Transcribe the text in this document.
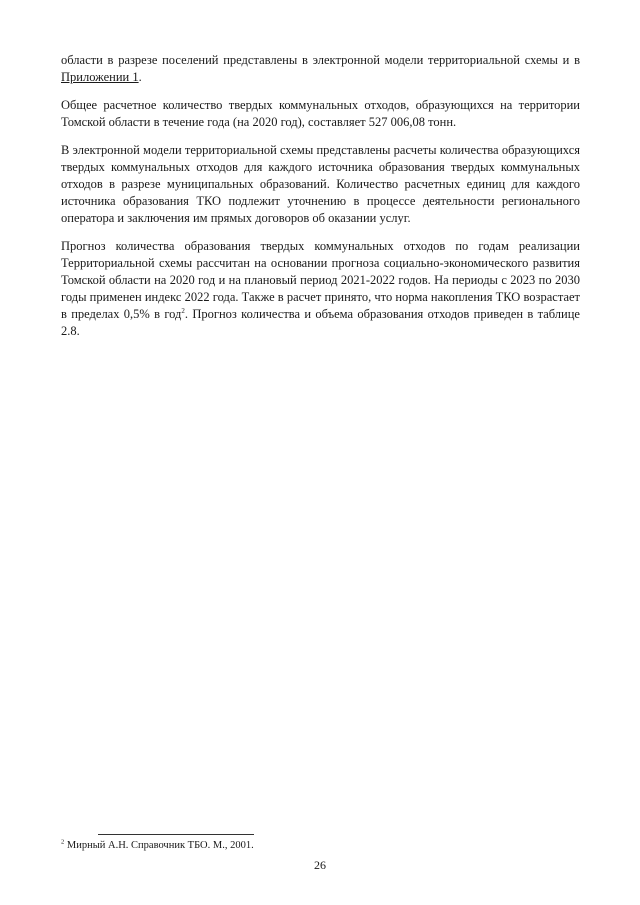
области в разрезе поселений представлены в электронной модели территориальной схемы и в Приложении 1.

Общее расчетное количество твердых коммунальных отходов, образующихся на территории Томской области в течение года (на 2020 год), составляет 527 006,08 тонн.

В электронной модели территориальной схемы представлены расчеты количества образующихся твердых коммунальных отходов для каждого источника образования твердых коммунальных отходов в разрезе муниципальных образований. Количество расчетных единиц для каждого источника образования ТКО подлежит уточнению в процессе деятельности регионального оператора и заключения им прямых договоров об оказании услуг.

Прогноз количества образования твердых коммунальных отходов по годам реализации Территориальной схемы рассчитан на основании прогноза социально-экономического развития Томской области на 2020 год и на плановый период 2021-2022 годов. На периоды с 2023 по 2030 годы применен индекс 2022 года. Также в расчет принято, что норма накопления ТКО возрастает в пределах 0,5% в год$^2$. Прогноз количества и объема образования отходов приведен в таблице 2.8.

$^2$ Мирный А.Н. Справочник ТБО. М., 2001.
26
